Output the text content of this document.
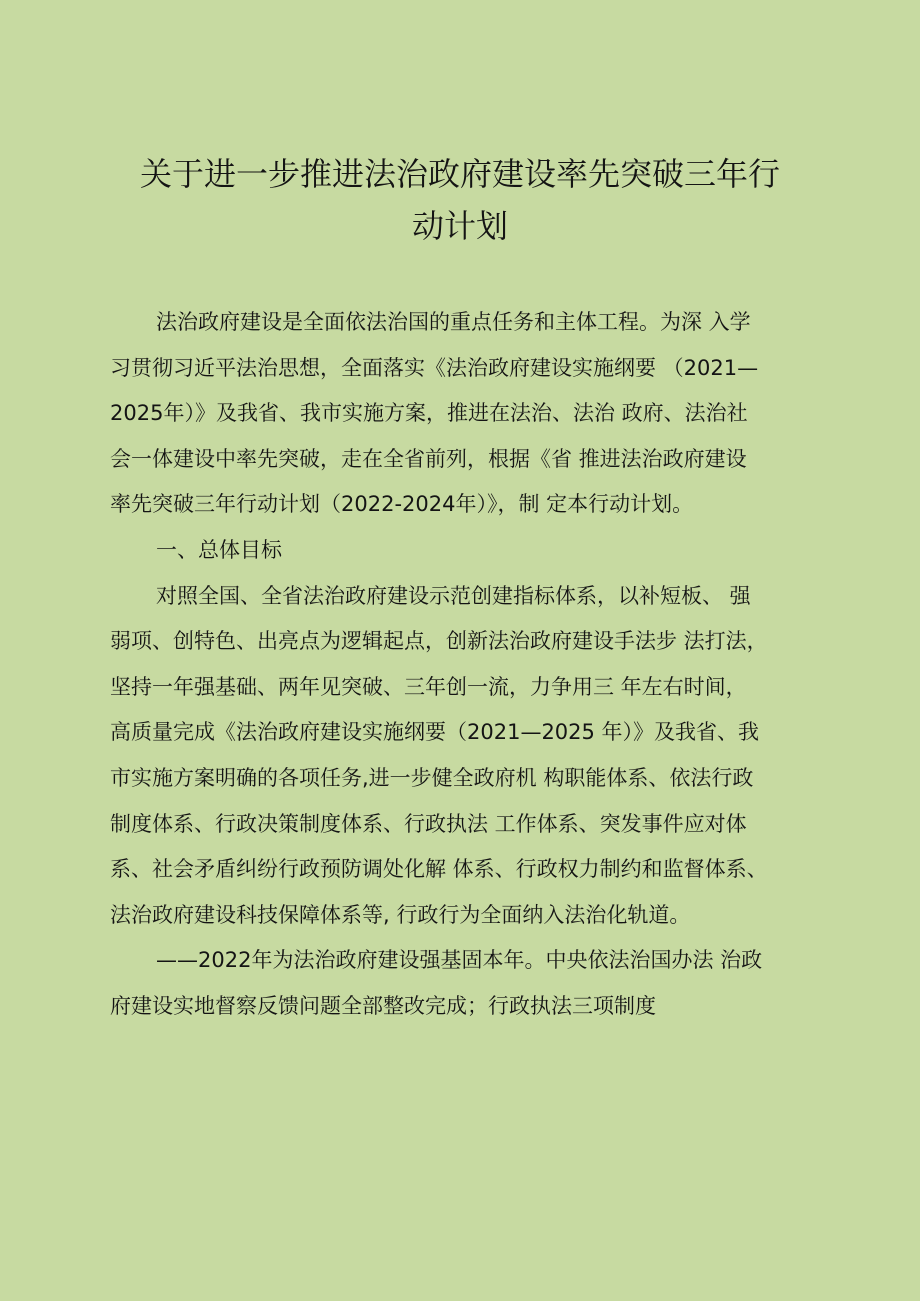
关于进一步推进法治政府建设率先突破三年行
动计划
法治政府建设是全面依法治国的重点任务和主体工程。为深 入学
习贯彻习近平法治思想，全面落实《法治政府建设实施纲要 （2021—
2025年）》及我省、我市实施方案，推进在法治、法治 政府、法治社
会一体建设中率先突破，走在全省前列，根据《省 推进法治政府建设
率先突破三年行动计划（2022-2024年）》，制 定本行动计划。
一、总体目标
对照全国、全省法治政府建设示范创建指标体系，以补短板、 强
弱项、创特色、出亮点为逻辑起点，创新法治政府建设手法步 法打法，
坚持一年强基础、两年见突破、三年创一流，力争用三 年左右时间，
高质量完成《法治政府建设实施纲要（2021—2025 年）》及我省、我
市实施方案明确的各项任务,进一步健全政府机 构职能体系、依法行政
制度体系、行政决策制度体系、行政执法 工作体系、突发事件应对体
系、社会矛盾纠纷行政预防调处化解 体系、行政权力制约和监督体系、
法治政府建设科技保障体系等, 行政行为全面纳入法治化轨道。
——2022年为法治政府建设强基固本年。中央依法治国办法 治政
府建设实地督察反馈问题全部整改完成；行政执法三项制度
